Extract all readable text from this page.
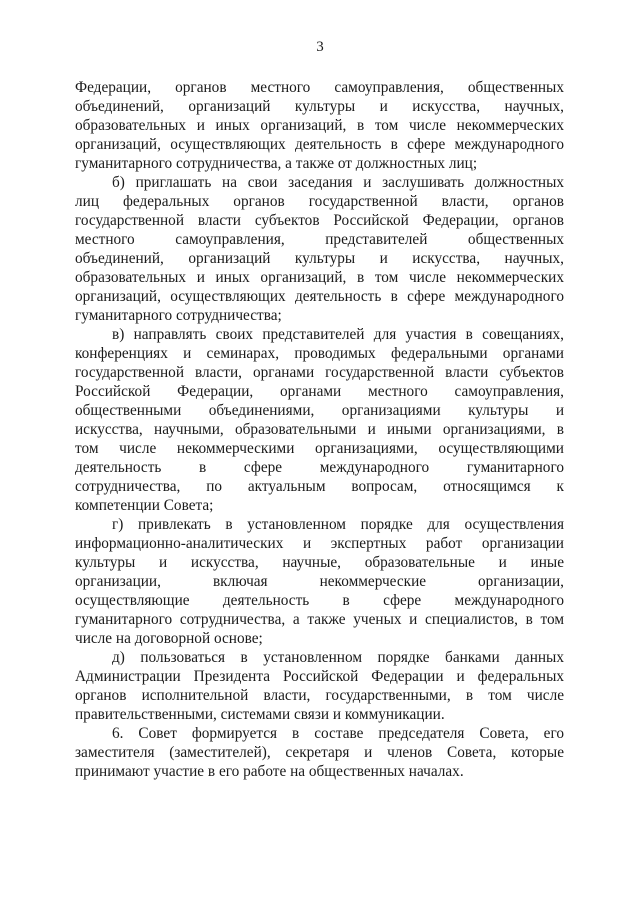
3
Федерации, органов местного самоуправления, общественных
объединений, организаций культуры и искусства, научных,
образовательных и иных организаций, в том числе некоммерческих
организаций, осуществляющих деятельность в сфере международного
гуманитарного сотрудничества, а также от должностных лиц;
б) приглашать на свои заседания и заслушивать должностных
лиц федеральных органов государственной власти, органов
государственной власти субъектов Российской Федерации, органов
местного самоуправления, представителей общественных
объединений, организаций культуры и искусства, научных,
образовательных и иных организаций, в том числе некоммерческих
организаций, осуществляющих деятельность в сфере международного
гуманитарного сотрудничества;
в) направлять своих представителей для участия в совещаниях,
конференциях и семинарах, проводимых федеральными органами
государственной власти, органами государственной власти субъектов
Российской Федерации, органами местного самоуправления,
общественными объединениями, организациями культуры и
искусства, научными, образовательными и иными организациями, в
том числе некоммерческими организациями, осуществляющими
деятельность в сфере международного гуманитарного
сотрудничества, по актуальным вопросам, относящимся к
компетенции Совета;
г) привлекать в установленном порядке для осуществления
информационно-аналитических и экспертных работ организации
культуры и искусства, научные, образовательные и иные
организации, включая некоммерческие организации,
осуществляющие деятельность в сфере международного
гуманитарного сотрудничества, а также ученых и специалистов, в том
числе на договорной основе;
д) пользоваться в установленном порядке банками данных
Администрации Президента Российской Федерации и федеральных
органов исполнительной власти, государственными, в том числе
правительственными, системами связи и коммуникации.
6. Совет формируется в составе председателя Совета, его
заместителя (заместителей), секретаря и членов Совета, которые
принимают участие в его работе на общественных началах.
